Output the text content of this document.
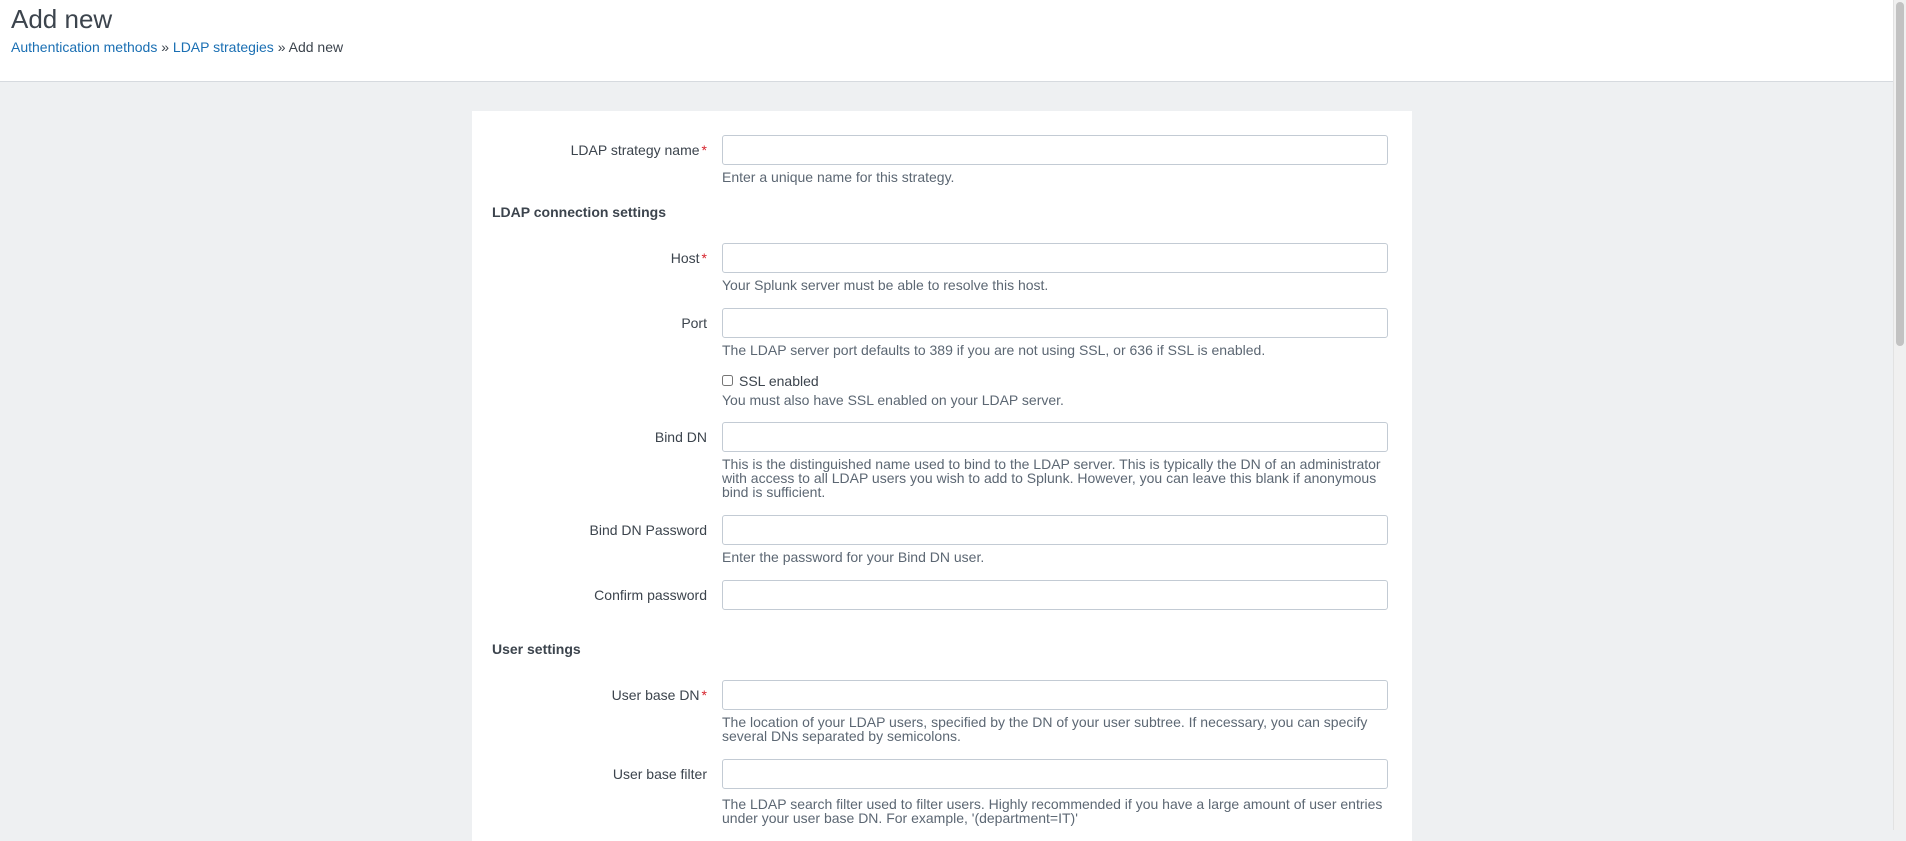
Add new
Authentication methods » LDAP strategies » Add new
LDAP strategy name *
Enter a unique name for this strategy.
LDAP connection settings
Host *
Your Splunk server must be able to resolve this host.
Port
The LDAP server port defaults to 389 if you are not using SSL, or 636 if SSL is enabled.
SSL enabled
You must also have SSL enabled on your LDAP server.
Bind DN
This is the distinguished name used to bind to the LDAP server. This is typically the DN of an administrator with access to all LDAP users you wish to add to Splunk. However, you can leave this blank if anonymous bind is sufficient.
Bind DN Password
Enter the password for your Bind DN user.
Confirm password
User settings
User base DN *
The location of your LDAP users, specified by the DN of your user subtree. If necessary, you can specify several DNs separated by semicolons.
User base filter
The LDAP search filter used to filter users. Highly recommended if you have a large amount of user entries under your user base DN. For example, '(department=IT)'
